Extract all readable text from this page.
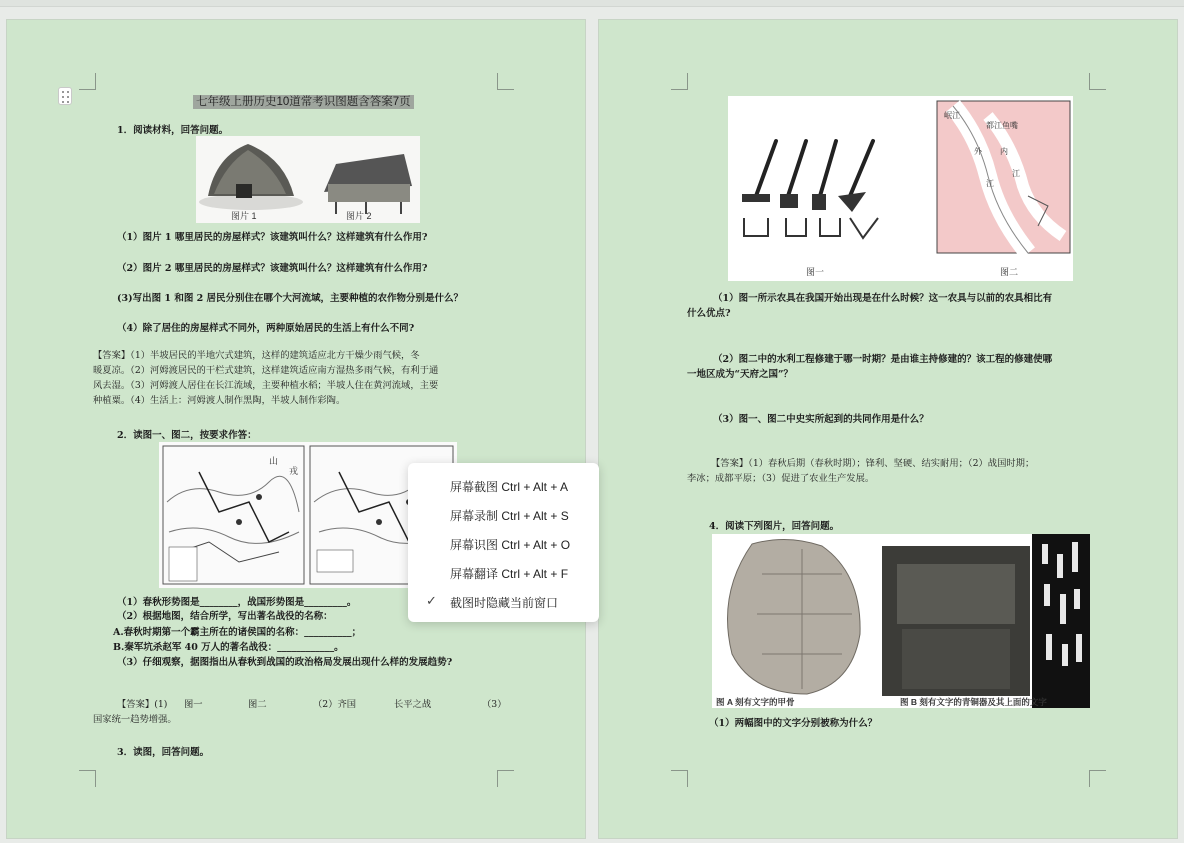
七年级上册历史10道常考识图题含答案7页
1．阅读材料，回答问题。
图片 1	图片 2
（1）图片 1 哪里居民的房屋样式？该建筑叫什么？这样建筑有什么作用?
（2）图片 2 哪里居民的房屋样式？该建筑叫什么？这样建筑有什么作用?
(3)写出图 1 和图 2 居民分别住在哪个大河流域，主要种植的农作物分别是什么？
（4）除了居住的房屋样式不同外，两种原始居民的生活上有什么不同?
【答案】（1）半坡居民的半地穴式建筑，这样的建筑适应北方干燥少雨气候，冬
暖夏凉。（2）河姆渡居民的干栏式建筑，这样建筑适应南方湿热多雨气候，有利于通
风去湿。（3）河姆渡人居住在长江流域，主要种植水稻；半坡人住在黄河流域，主要
种植粟。（4）生活上：河姆渡人制作黑陶，半坡人制作彩陶。
2．读图一、图二，按要求作答：
山
戎
（1）春秋形势图是________，战国形势图是_________。
（2）根据地图，结合所学，写出著名战役的名称：
A.春秋时期第一个霸主所在的诸侯国的名称：__________；
B.秦军坑杀赵军 40 万人的著名战役：____________。
（3）仔细观察，据图指出从春秋到战国的政治格局发展出现什么样的发展趋势?
【答案】(1) 图一	图二	（2）齐国	长平之战	（3）
国家统一趋势增强。
3．读图，回答问题。
图一	图二
岷江
都江鱼嘴
外 内
江
江
（1）图一所示农具在我国开始出现是在什么时候？这一农具与以前的农具相比有
什么优点?
（2）图二中的水利工程修建于哪一时期？是由谁主持修建的？该工程的修建使哪
一地区成为“天府之国”？
（3）图一、图二中史实所起到的共同作用是什么？
【答案】（1）春秋后期（春秋时期）；锋利、坚硬、结实耐用；（2）战国时期；
李冰；成都平原；（3）促进了农业生产发展。
4．阅读下列图片，回答问题。
图 A 刻有文字的甲骨	图 B 刻有文字的青铜器及其上面的文字
（1）两幅图中的文字分别被称为什么？
屏幕截图 Ctrl + Alt + A
屏幕录制 Ctrl + Alt + S
屏幕识图 Ctrl + Alt + O
屏幕翻译 Ctrl + Alt + F
✓ 截图时隐藏当前窗口
